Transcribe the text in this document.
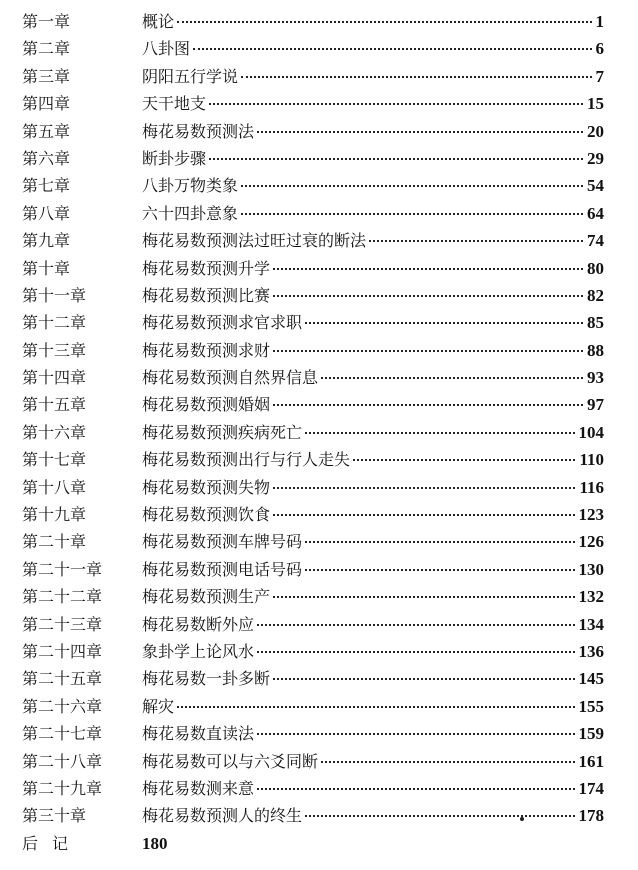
第一章	概论	1
第二章	八卦图	6
第三章	阴阳五行学说	7
第四章	天干地支	15
第五章	梅花易数预测法	20
第六章	断卦步骤	29
第七章	八卦万物类象	54
第八章	六十四卦意象	64
第九章	梅花易数预测法过旺过衰的断法	74
第十章	梅花易数预测升学	80
第十一章	梅花易数预测比赛	82
第十二章	梅花易数预测求官求职	85
第十三章	梅花易数预测求财	88
第十四章	梅花易数预测自然界信息	93
第十五章	梅花易数预测婚姻	97
第十六章	梅花易数预测疾病死亡	104
第十七章	梅花易数预测出行与行人走失	110
第十八章	梅花易数预测失物	116
第十九章	梅花易数预测饮食	123
第二十章	梅花易数预测车牌号码	126
第二十一章 梅花易数预测电话号码	130
第二十二章 梅花易数预测生产	132
第二十三章 梅花易数断外应	134
第二十四章 象卦学上论风水	136
第二十五章 梅花易数一卦多断	145
第二十六章 解灾	155
第二十七章 梅花易数直读法	159
第二十八章 梅花易数可以与六爻同断	161
第二十九章 梅花易数测来意	174
第三十章	梅花易数预测人的终生	178
后记	180
